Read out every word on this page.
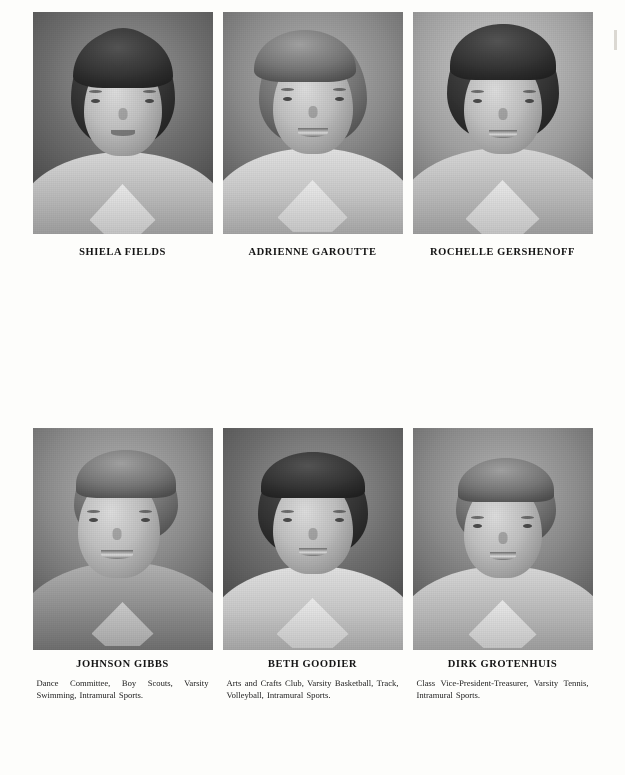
SHIELA FIELDS	ADRIENNE GAROUTTE	ROCHELLE GERSHENOFF
JOHNSON GIBBS
Dance Committee, Boy Scouts, Varsity Swimming, Intramural Sports.
BETH GOODIER
Arts and Crafts Club, Varsity Basketball, Track, Volleyball, Intramural Sports.
DIRK GROTENHUIS
Class Vice-President-Treasurer, Varsity Tennis, Intramural Sports.
